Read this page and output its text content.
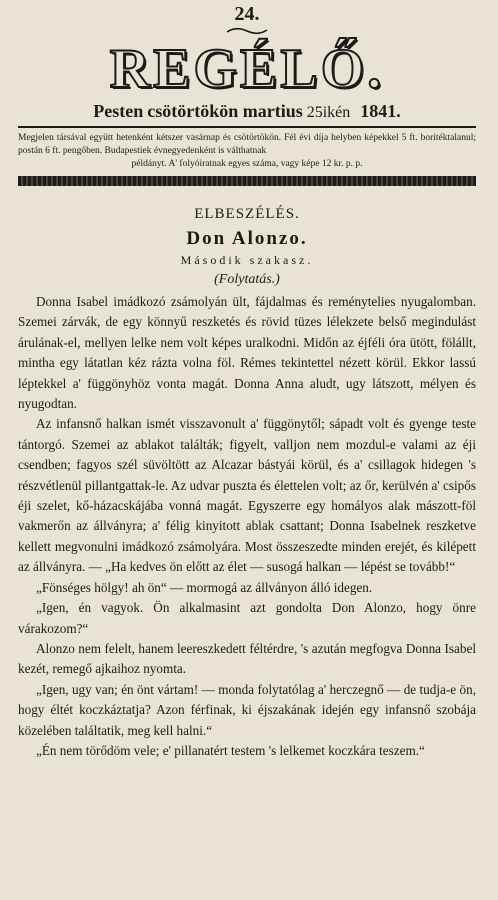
24.
REGÉLŐ.
Pesten csötörtökön martius 25ikén 1841.
Megjelen társával együtt hetenként kétszer vasárnap és csötörtökön. Fél évi díja helyben képekkel 5 ft. borítéktalanul; postán 6 ft. pengőben. Budapestiek évnegyedenként is válthatnak
példányt. A' folyóiratnak egyes száma, vagy képe 12 kr. p. p.
ELBESZÉLÉS.
Don Alonzo.
Második szakasz.
(Folytatás.)

Donna Isabel imádkozó zsámolyán ült, fájdalmas és reménytelies nyugalomban. Szemei zárvák, de egy könnyű reszketés és rövid tüzes lélekzete belső megindulást árulának-el, mellyen lelke nem volt képes uralkodni. Midőn az éjféli óra ütött, fölállt, mintha egy látatlan kéz rázta volna föl. Rémes tekintettel nézett körül. Ekkor lassú léptekkel a' függönyhöz vonta magát. Donna Anna aludt, ugy látszott, mélyen és nyugodtan.

Az infansnő halkan ismét visszavonult a' függönytől; sápadt volt és gyenge teste tántorgó. Szemei az ablakot találták; figyelt, valljon nem mozdul-e valami az éji csendben; fagyos szél süvöltött az Alcazar bástyái körül, és a' csillagok hidegen 's részvétlenül pillantgattak-le. Az udvar puszta és élettelen volt; az őr, kerülvén a' csipős éji szelet, kő-házacskájába vonná magát. Egyszerre egy homályos alak mászott-föl vakmerőn az állványra; a' félig kinyitott ablak csattant; Donna Isabelnek reszketve kellett megvonulni imádkozó zsámolyára. Most összeszedte minden erejét, és kilépett az állványra. — „Ha kedves ön előtt az élet — susogá halkan — lépést se tovább!“

„Fönséges hölgy! ah ön“ — mormogá az állványon álló idegen.

„Igen, én vagyok. Ön alkalmasint azt gondolta Don Alonzo, hogy önre várakozom?“

Alonzo nem felelt, hanem leereszkedett féltérdre, 's azután megfogva Donna Isabel kezét, remegő ajkaihoz nyomta.

„Igen, ugy van; én önt vártam! — monda folytatólag a' herczegnő — de tudja-e ön, hogy éltét koczkáztatja? Azon férfinak, ki éjszakának idején egy infansnő szobája közelében találtatik, meg kell halni.“

„Én nem törődöm vele; e' pillanatért testem 's lelkemet koczkára teszem.“
